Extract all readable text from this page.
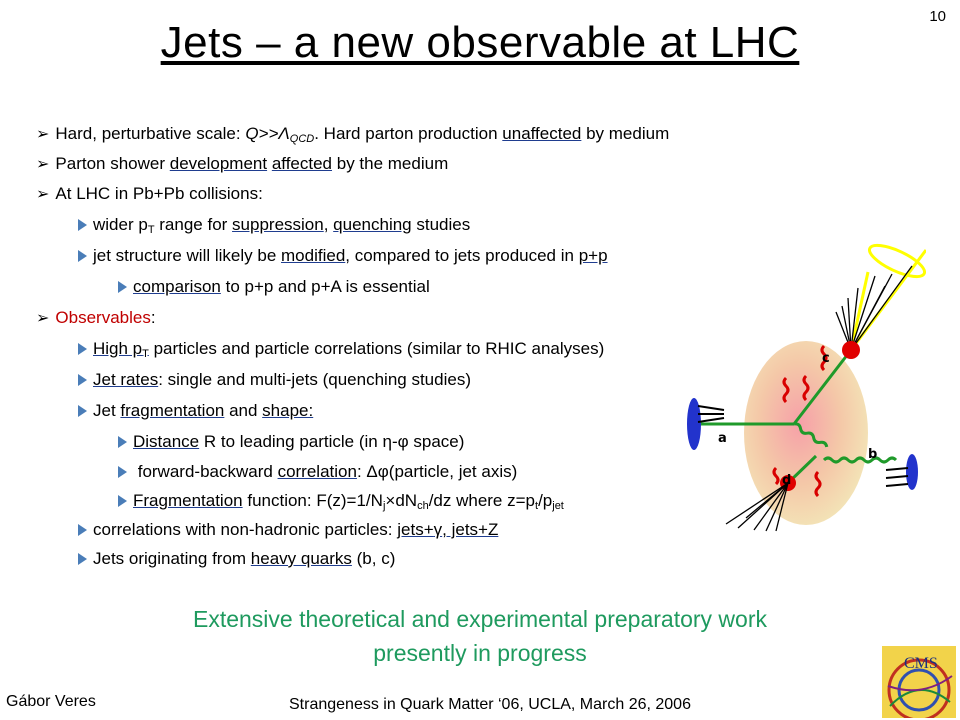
10
Jets – a new observable at LHC
➢ Hard, perturbative scale: $Q>>\Lambda_{QCD}$. Hard parton production unaffected by medium
➢ Parton shower development affected by the medium
➢ At LHC in Pb+Pb collisions:
wider $p_T$ range for suppression, quenching studies
jet structure will likely be modified, compared to jets produced in p+p
comparison to p+p and p+A is essential
➢ Observables:
High $p_T$ particles and particle correlations (similar to RHIC analyses)
Jet rates: single and multi-jets (quenching studies)
Jet fragmentation and shape:
Distance R to leading particle (in η-φ space)
forward-backward correlation: Δφ(particle, jet axis)
Fragmentation function: $F(z)=1/N_j\times dN_{ch}/dz$ where $z=p_t/p_{jet}$
correlations with non-hadronic particles: jets+γ, jets+Z
Jets originating from heavy quarks (b, c)
a
b
c
d
Extensive theoretical and experimental preparatory work
presently in progress
Gábor Veres	Strangeness in Quark Matter ‘06, UCLA, March 26, 2006
CMS
